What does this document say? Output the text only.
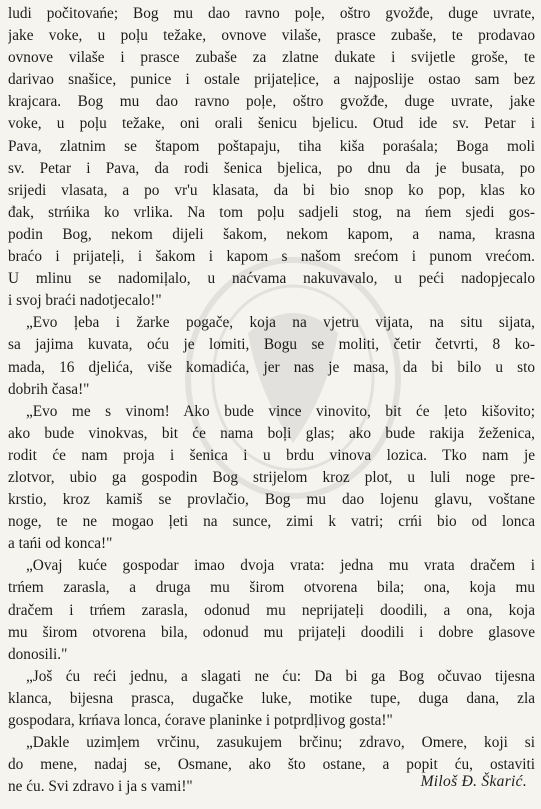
ludi počitovańe; Bog mu dao ravno poļe, oštro gvožđe, duge uvrate,
jake voke, u poļu težake, ovnove vilaše, prasce zubaše, te prodavao
ovnove vilaše i prasce zubaše za zlatne dukate i svijetle groše, te
darivao snašice, punice i ostale prijateļice, a najposlije ostao sam bez
krajcara. Bog mu dao ravno poļe, oštro gvožđe, duge uvrate, jake
voke, u poļu težake, oni orali šenicu bjelicu. Otud ide sv. Petar i
Pava, zlatnim se štapom poštapaju, tiha kiša poraśala; Boga moli
sv. Petar i Pava, da rodi šenica bjelica, po dnu da je busata, po
srijedi vlasata, a po vr'u klasata, da bi bio snop ko pop, klas ko
đak, strńika ko vrlika. Na tom poļu sadjeli stog, na ńem sjedi gos-
podin Bog, nekom dijeli šakom, nekom kapom, a nama, krasna
braćo i prijateļi, i šakom i kapom s našom srećom i punom vrećom.
U mlinu se nadomiļalo, u naćvama nakuvavalo, u peći nadopjecalo
i svoj braći nadotjecalo!"
„Evo ļeba i žarke pogače, koja na vjetru vijata, na situ sijata,
sa jajima kuvata, oću je lomiti, Bogu se moliti, četir četvrti, 8 ko-
mada, 16 djelića, više komadića, jer nas je masa, da bi bilo u sto
dobrih časa!"
„Evo me s vinom! Ako bude vince vinovito, bit će ļeto kišovito;
ako bude vinokvas, bit će nama boļi glas; ako bude rakija žeženica,
rodit će nam proja i šenica i u brdu vinova lozica. Tko nam je
zlotvor, ubio ga gospodin Bog strijelom kroz plot, u luli noge pre-
krstio, kroz kamiš se provlačio, Bog mu dao lojenu glavu, voštane
noge, te ne mogao ļeti na sunce, zimi k vatri; crńi bio od lonca
a tańi od konca!"
„Ovaj kuće gospodar imao dvoja vrata: jedna mu vrata dračem i
trńem zarasla, a druga mu širom otvorena bila; ona, koja mu
dračem i trńem zarasla, odonud mu neprijateļi doodili, a ona, koja
mu širom otvorena bila, odonud mu prijateļi doodili i dobre glasove
donosili."
„Još ću reći jednu, a slagati ne ću: Da bi ga Bog očuvao tijesna
klanca, bijesna prasca, dugačke luke, motike tupe, duga dana, zla
gospodara, krńava lonca, ćorave planinke i potprdļivog gosta!"
„Dakle uzimļem vrčinu, zasukujem brčinu; zdravo, Omere, koji si
do mene, nadaj se, Osmane, ako što ostane, a popit ću, ostaviti
ne ću. Svi zdravo i ja s vami!"	Miloš Đ. Škarić.
